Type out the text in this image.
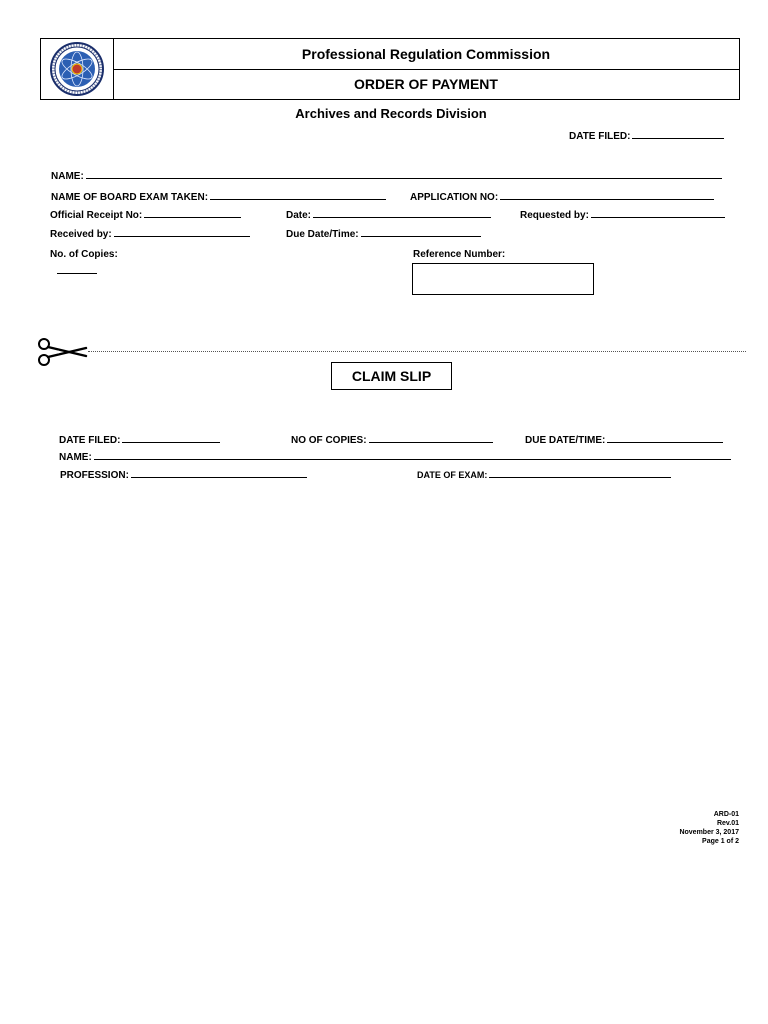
Professional Regulation Commission
ORDER OF PAYMENT
Archives and Records Division
DATE FILED:
NAME:
NAME OF BOARD EXAM TAKEN:	APPLICATION NO:
Official Receipt No:	Date:	Requested by:
Received by:	Due Date/Time:
No. of Copies:	Reference Number:
CLAIM SLIP
DATE FILED:	NO OF COPIES:	DUE DATE/TIME:
NAME:
PROFESSION:	DATE OF EXAM:
ARD-01
Rev.01
November 3, 2017
Page 1 of 2
